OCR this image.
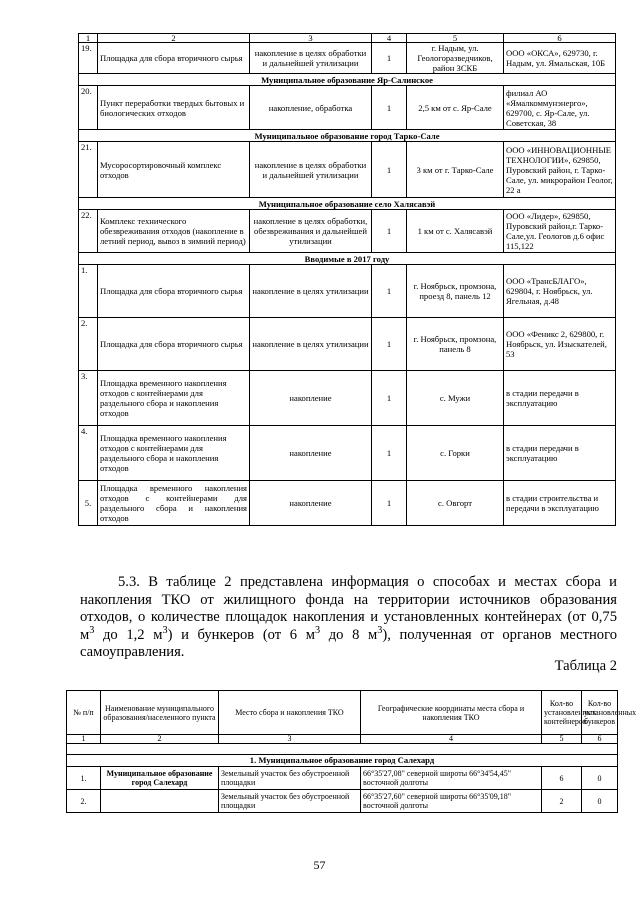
1	2	3	4	5	6
19.	Площадка для сбора вторичного сырья	накопление в целях обработки и дальнейшей утилизации	1	г. Надым, ул. Геологоразведчиков, район ЗСКБ	ООО «ОКСА», 629730, г. Надым, ул. Ямальская, 10Б
Муниципальное образование Яр-Салинское					
20.	Пункт переработки твердых бытовых и биологических отходов	накопление, обработка	1	2,5 км от с. Яр-Сале	филиал АО «Ямалкоммунэнерго», 629700, с. Яр-Сале, ул. Советская, 38
Муниципальное образование город Тарко-Сале					
21.	Мусоросортировочный комплекс отходов	накопление в целях обработки и дальнейшей утилизации	1	3 км от г. Тарко-Сале	ООО «ИННОВАЦИОННЫЕ ТЕХНОЛОГИИ», 629850, Пуровский район, г. Тарко-Сале, ул. микрорайон Геолог, 22 а
Муниципальное образование село Халясавэй					
22.	Комплекс технического обезвреживания отходов (накопление в летний период, вывоз в зимний период)	накопление в целях обработки, обезвреживания и дальнейшей утилизации	1	1 км от с. Халясавэй	ООО «Лидер», 629850, Пуровский район,г. Тарко-Сале,ул. Геологов д.6 офис 115,122
Вводимые в 2017 году					
1.	Площадка для сбора вторичного сырья	накопление в целях утилизации	1	г. Ноябрьск, промзона, проезд 8, панель 12	ООО «ТрансБЛАГО», 629804, г. Ноябрьск, ул. Ягельная, д.48
2.	Площадка для сбора вторичного сырья	накопление в целях утилизации	1	г. Ноябрьск, промзона, панель 8	ООО «Феникс 2, 629800, г. Ноябрьск, ул. Изыскателей, 53
3.	Площадка временного накопления отходов с контейнерами для раздельного сбора и накопления отходов	накопление	1	с. Мужи	в стадии передачи в эксплуатацию
4.	Площадка временного накопления отходов с контейнерами для раздельного сбора и накопления отходов	накопление	1	с. Горки	в стадии передачи в эксплуатацию
5.	Площадка временного накопления отходов с контейнерами для раздельного сбора и накопления отходов	накопление	1	с. Овгорт	в стадии строительства и передачи в эксплуатацию
5.3. В таблице 2 представлена информация о способах и местах сбора и накопления ТКО от жилищного фонда на территории источников образования отходов, о количестве площадок накопления и установленных контейнерах (от 0,75 $м^3$ до 1,2 $м^3$) и бункеров (от 6 $м^3$ до 8 $м^3$), полученная от органов местного самоуправления.
Таблица 2
№ п/п	Наименование муниципального образования/населенного пункта	Место сбора и накопления ТКО	Географические координаты места сбора и накопления ТКО	Кол-во установленных контейнеров	Кол-во установленных бункеров
1	2	3	4	5	6

1. Муниципальное образование город Салехард					
1.	Муниципальное образование город Салехард	Земельный участок без обустроенной площадки	66°35'27,08" северной широты 66°34'54,45" восточной долготы	6	0
2.		Земельный участок без обустроенной площадки	66°35'27,60" северной широты 66°35'09,18" восточной долготы	2	0
57
